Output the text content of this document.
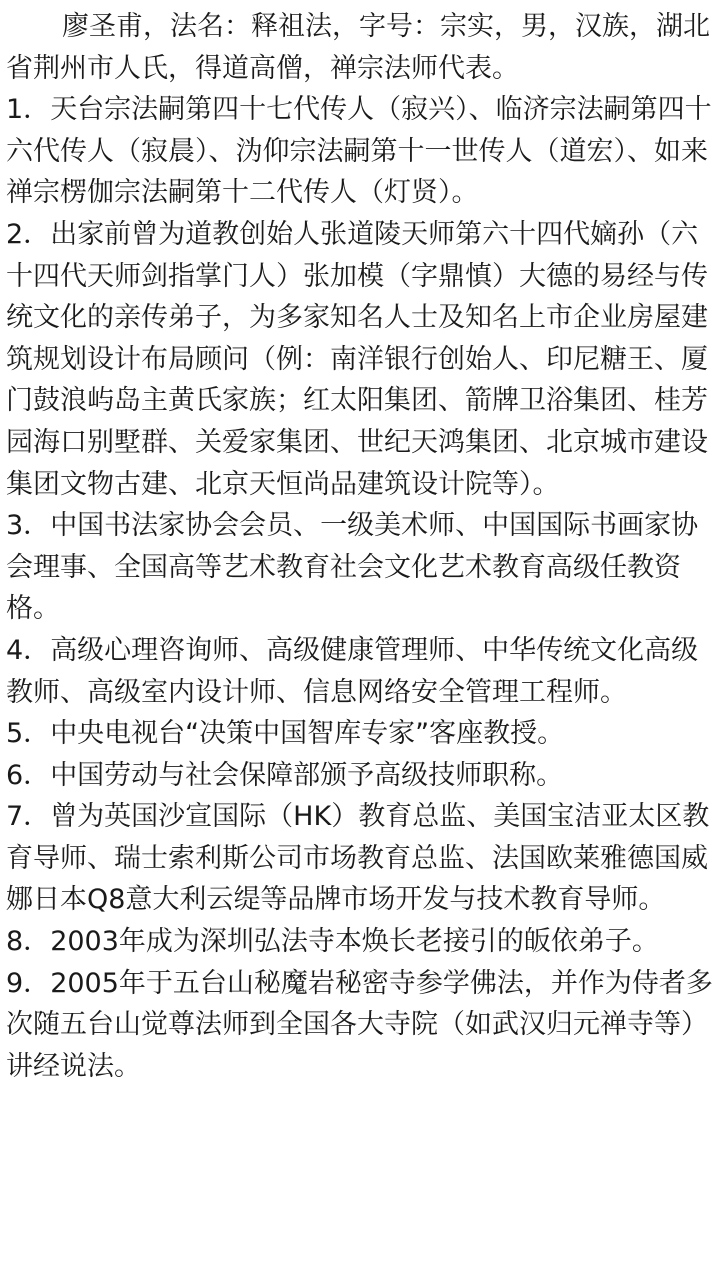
廖圣甫，法名：释祖法，字号：宗实，男，汉族，湖北省荆州市人氏，得道高僧，禅宗法师代表。

1．天台宗法嗣第四十七代传人（寂兴）、临济宗法嗣第四十六代传人（寂晨）、沩仰宗法嗣第十一世传人（道宏）、如来禅宗楞伽宗法嗣第十二代传人（灯贤）。

2．出家前曾为道教创始人张道陵天师第六十四代嫡孙（六十四代天师剑指掌门人）张加模（字鼎慎）大德的易经与传统文化的亲传弟子，为多家知名人士及知名上市企业房屋建筑规划设计布局顾问（例：南洋银行创始人、印尼糖王、厦门鼓浪屿岛主黄氏家族；红太阳集团、箭牌卫浴集团、桂芳园海口别墅群、关爱家集团、世纪天鸿集团、北京城市建设集团文物古建、北京天恒尚品建筑设计院等）。

3．中国书法家协会会员、一级美术师、中国国际书画家协会理事、全国高等艺术教育社会文化艺术教育高级任教资格。

4．高级心理咨询师、高级健康管理师、中华传统文化高级教师、高级室内设计师、信息网络安全管理工程师。

5．中央电视台“决策中国智库专家”客座教授。

6．中国劳动与社会保障部颁予高级技师职称。

7．曾为英国沙宣国际（HK）教育总监、美国宝洁亚太区教育导师、瑞士索利斯公司市场教育总监、法国欧莱雅德国威娜日本Q8意大利云缇等品牌市场开发与技术教育导师。

8．2003年成为深圳弘法寺本焕长老接引的皈依弟子。

9．2005年于五台山秘魔岩秘密寺参学佛法，并作为侍者多次随五台山觉尊法师到全国各大寺院（如武汉归元禅寺等）讲经说法。
